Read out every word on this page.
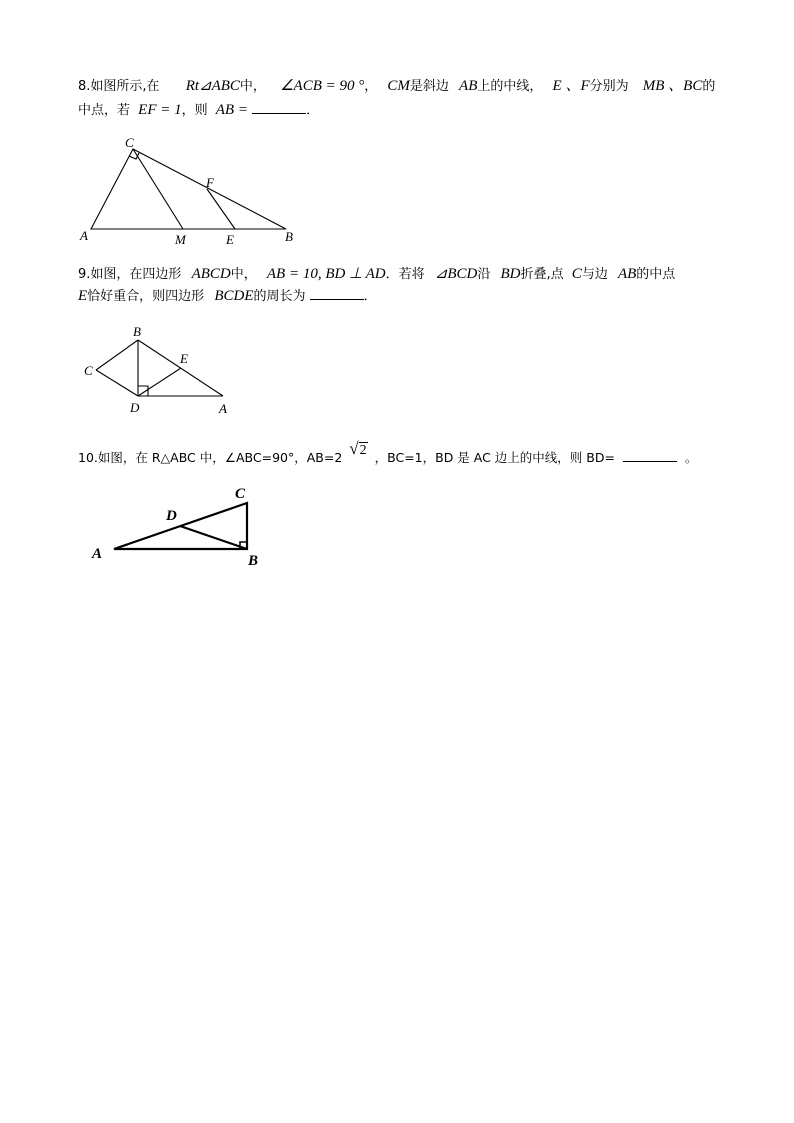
8.如图所示,在 Rt⊿ABC中， ∠ACB = 90 °， CM是斜边 AB上的中线， E 、F分别为 MB 、BC的
中点，若 EF = 1，则 AB =	．
A
C
M	E	B
F
9.如图，在四边形 ABCD中， AB = 10, BD ⊥ AD．若将 ⊿BCD沿 BD折叠,点 C与边 AB的中点
E恰好重合，则四边形 BCDE的周长为	．
B
C
E
D	A
10.如图，在 R△ABC 中，∠ABC=90°，AB=2 √2 ，BC=1，BD 是 AC 边上的中线，则 BD=	。
A
C
D
B
